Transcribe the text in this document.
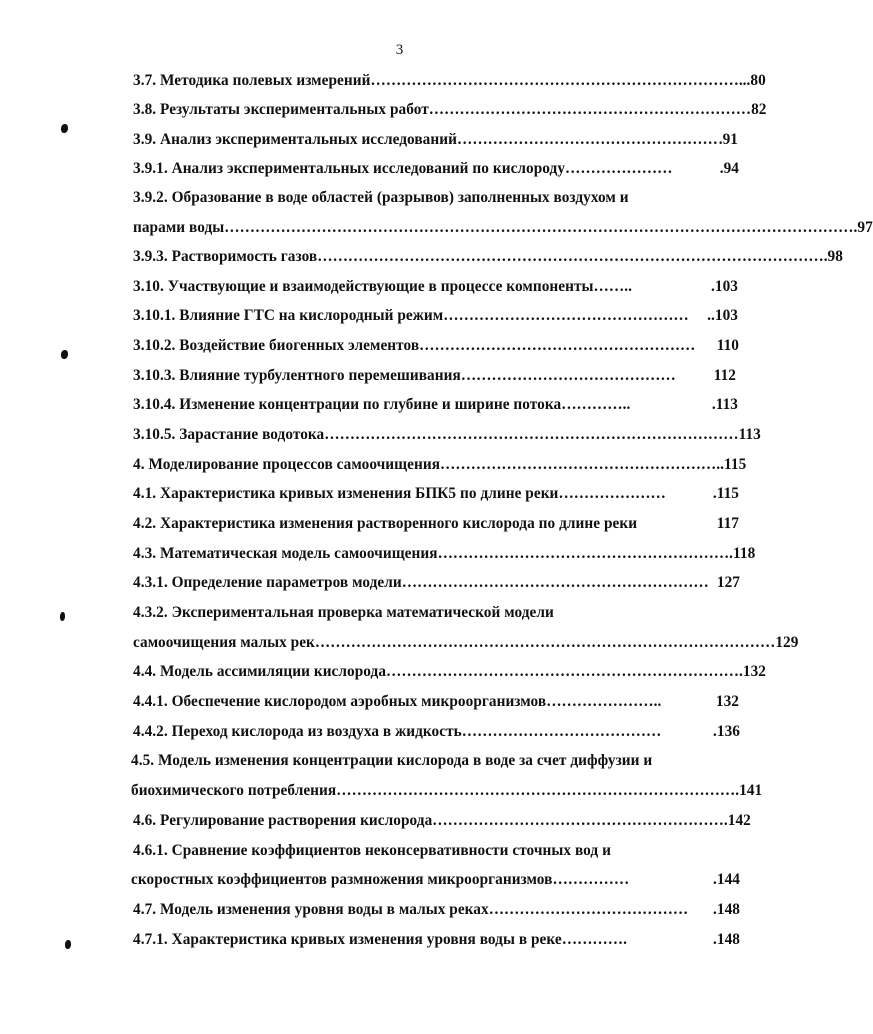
3
3.7. Методика полевых измерений ……………………………………………………………… ...80
3.8. Результаты экспериментальных работ ……………………………………………………… 82
3.9. Анализ экспериментальных исследований …………………………………………… .91
3.9.1. Анализ экспериментальных исследований по кислороду …………………	.94
3.9.2. Образование в воде областей (разрывов) заполненных воздухом и
парами воды …………………………………………………………………………………………………………… .97
3.9.3. Растворимость газов ……………………………………………………………………………………… .98
3.10. Участвующие и взаимодействующие в процессе компоненты ……..	.103
3.10.1. Влияние ГТС на кислородный режим …………………………………………	..103
3.10.2. Воздействие биогенных элементов ………………………………………………	110
3.10.3. Влияние турбулентного перемешивания ……………………………………	112
3.10.4. Изменение концентрации по глубине и ширине потока …………..	.113
3.10.5. Зарастание водотока ……………………………………………………………………… 113
4. Моделирование процессов самоочищения ……………………………………………… ..115
4.1. Характеристика кривых изменения БПК5 по длине реки …………………	.115
4.2. Характеристика изменения растворенного кислорода по длине реки	117
4.3. Математическая модель самоочищения ………………………………………………… .118
4.3.1. Определение параметров модели …………………………………………………… 127
4.3.2. Экспериментальная проверка математической модели
самоочищения малых рек ……………………………………………………………………………… 129
4.4. Модель ассимиляции кислорода …………………………………………………………… .132
4.4.1. Обеспечение кислородом аэробных микроорганизмов …………………..	132
4.4.2. Переход кислорода из воздуха в жидкость …………………………………	.136
4.5. Модель изменения концентрации кислорода в воде за счет диффузии и
биохимического потребления …………………………………………………………………… .141
4.6. Регулирование растворения кислорода ………………………………………………… .142
4.6.1. Сравнение коэффициентов неконсервативности сточных вод и
скоростных коэффициентов размножения микроорганизмов ……………	.144
4.7. Модель изменения уровня воды в малых реках …………………………………	.148
4.7.1. Характеристика кривых изменения уровня воды в реке ………….	.148
